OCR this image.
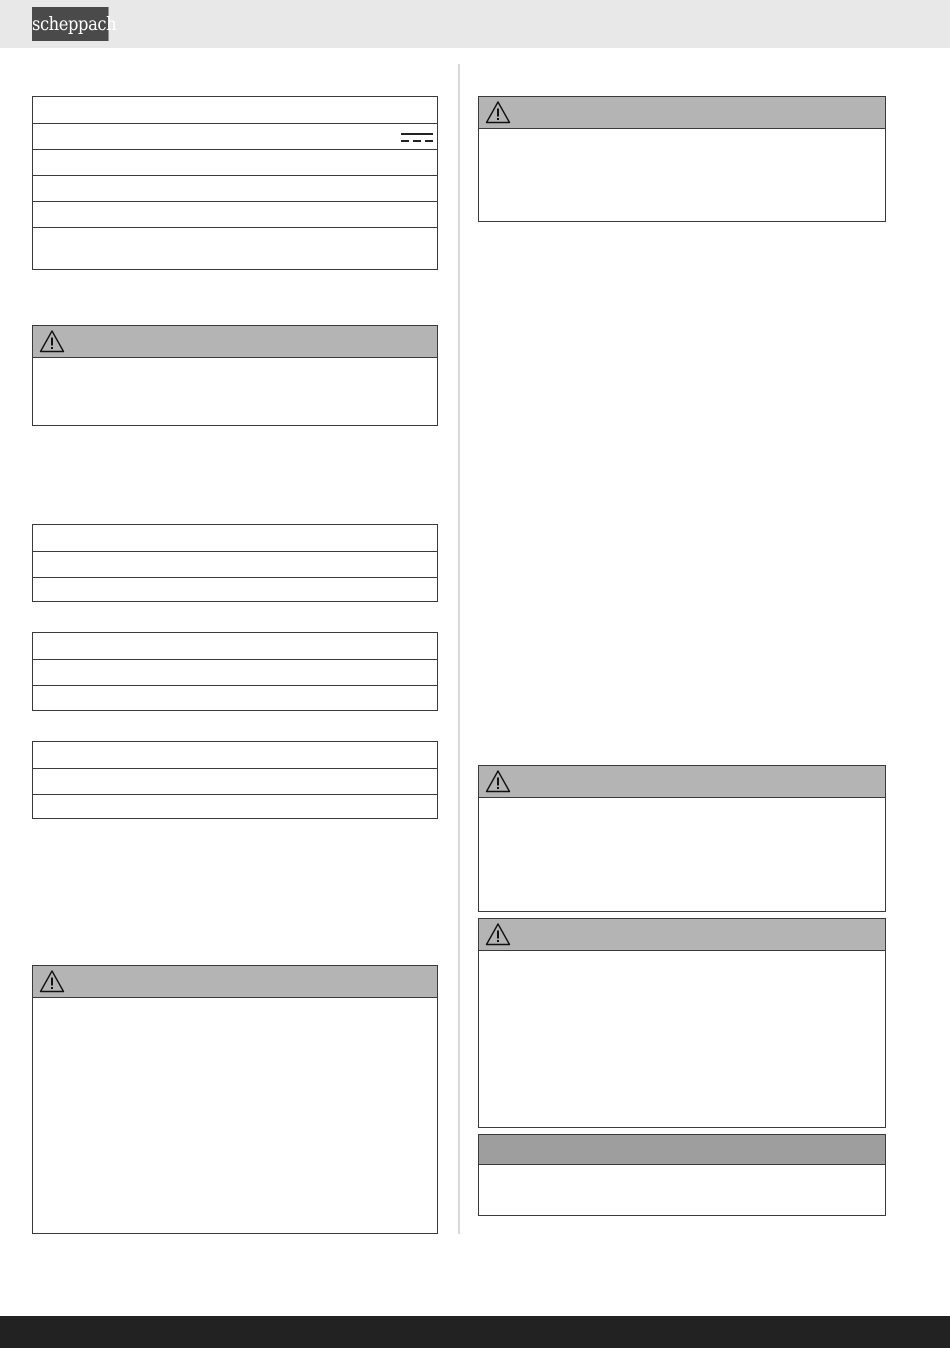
scheppach
